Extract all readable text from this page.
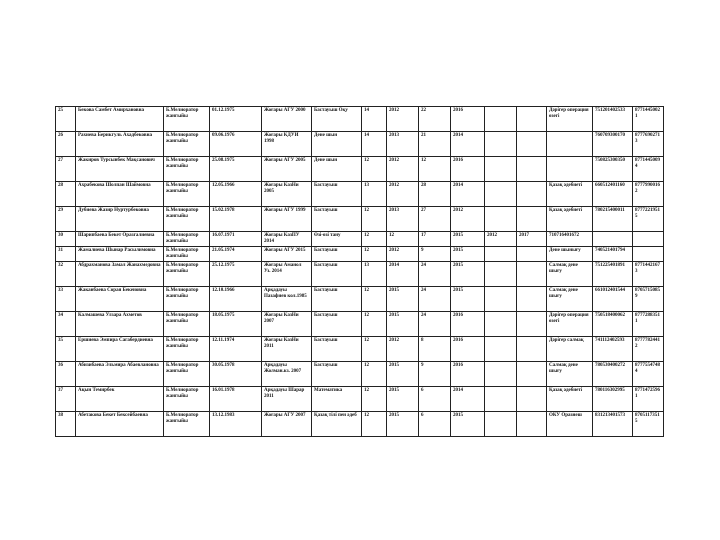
25	Бекова Самбет Амирхановна	Б.Мелиоратор жангыйы	01.12.1975	Жоғары АГУ 2000	Бастауыш Оқу	14	2012	22	2016			Дәрігер операция өзегі	751201402533	87714450021
26	Рахиева Берикгуль Ахадбековна	Б.Мелиоратор жангыйы	09.06.1976	Жоғары КДУИ 1998	Дене шын	14	2013	21	2014				760709300170	87776902713
27	Жакиров Турсынбек Мақсанович	Б.Мелиоратор жангыйы	25.08.1975	Жоғары АГУ 2005	Дене шын	12	2012	12	2016				750825300350	87714450094
28	Ахрабекова Шолпан Шаймовна	Б.Мелиоратор жангыйы	12.05.1966	Жоғары КазНи 2005	Бастауыш	13	2012	28	2014			Қазақ әдебиеті	660512401160	87779900162
29	Дубиева Жазир Нуртурбековна	Б.Мелиоратор жангыйы	15.02.1978	Жоғары АГУ 1999	Бастауыш	12	2013	27	2012			Қазақ әдебиеті	780215400011	87772219515
30	Шарипбаева Бекет Оразгалиевна	Б.Мелиоратор жангыйы	16.07.1971	Жоғары КазПУ 2014	Өзі-өзі тану	12	12	17	2015	2012	2017	710716401672		
31	Жамалиева Шынар Расылимовна	Б.Мелиоратор жангыйы	21.05.1974	Жоғары АГУ 2015	Бастауыш	12	2012	9	2015			Дене шынығу	740521401794	
32	Абдрахманова Замал Жанахмедовна	Б.Мелиоратор жангыйы	25.12.1975	Жоғары Аманол Уз. 2014	Бастауыш	13	2014	24	2015			Салмақ дене шығу	751225401891	87714421673
33	Жаканбаева Сорая Бекеновна	Б.Мелиоратор жангыйы	12.10.1966	Арқадауы Пазафиев кол.1985	Бастауыш	12	2015	24	2015			Салмақ дене шығу	661012401544	87057150859
34	Калмашева Улзара Ахметов	Б.Мелиоратор жангыйы	18.05.1975	Жоғары КазНи 2007	Бастауыш	12	2015	24	2016			Дәрігер операция өзегі	750518400062	87772883511
35	Ершиева Эмпира Сагабердиевна	Б.Мелиоратор жангыйы	12.11.1974	Жоғары КазНи 2011	Бастауыш	12	2012	8	2016			Дәрігер салмақ	741112402593	87777824412
36	Абизибаева Эльмира Абаевлановна	Б.Мелиоратор жангыйы	30.05.1978	Арқадауы Жолман.кз. 2007	Бастауыш	12	2015	9	2016			Салмақ дене шығу	780530400272	87775547484
37	Ақын Темирбек	Б.Мелиоратор жангыйы	16.01.1978	Арқадауы Шарар 2011	Математика	12	2015	6	2014			Қазақ әдебиеті	780116302995	87714725961
38	Абетакова Бекет Бексейбаевна	Б.Мелиоратор жангыйы	13.12.1983	Жоғары АГУ 2007	Қазақ тілі пен әдеб	12	2015	6	2015			ОКУ Оразнеш	831213401573	87051173515
